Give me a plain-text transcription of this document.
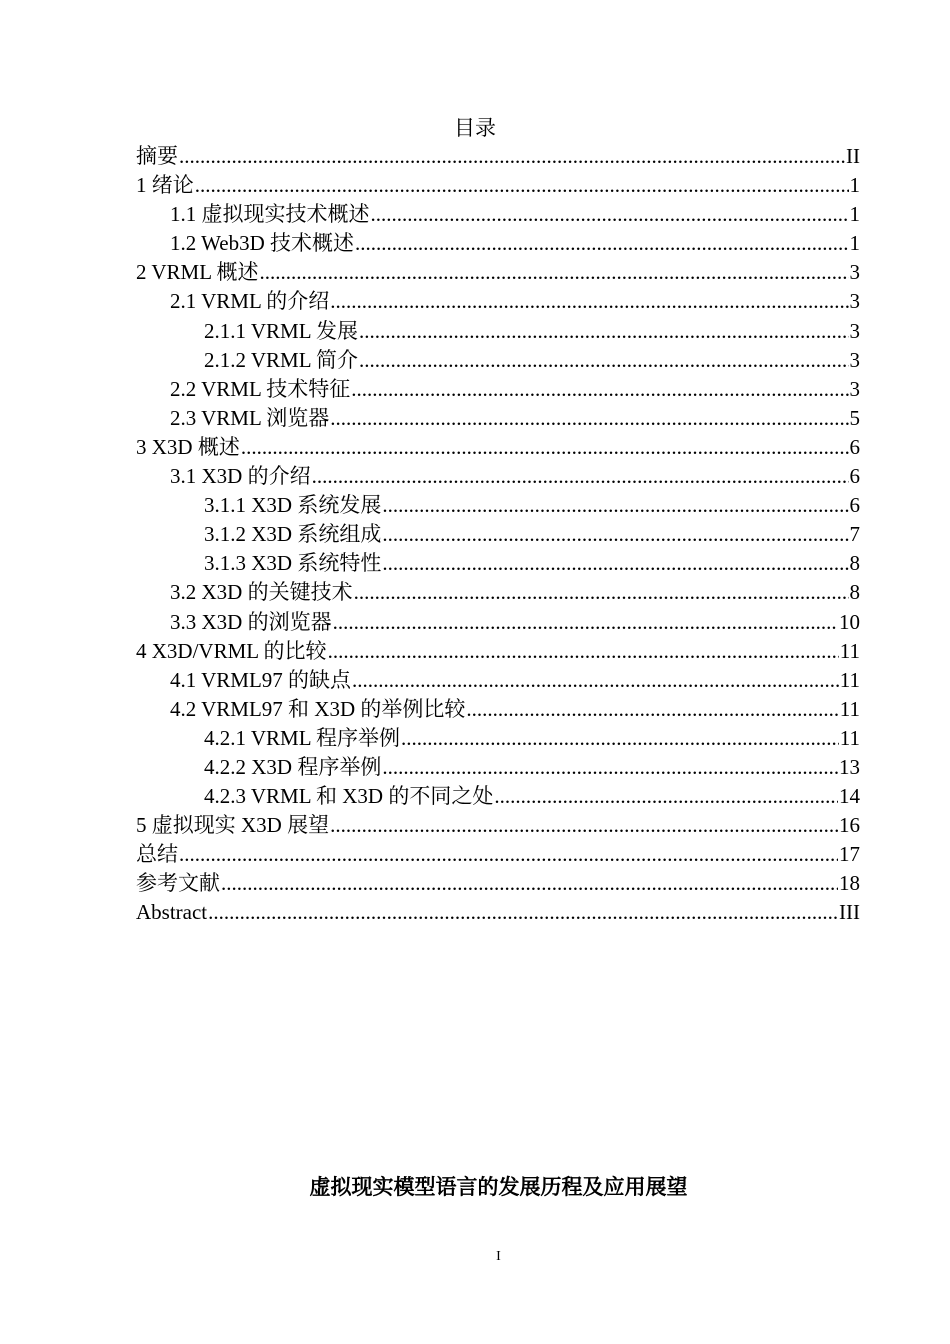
目录
摘要 .....	II
1 绪论 .....	1
1.1 虚拟现实技术概述 .....	1
1.2 Web3D 技术概述 .....	1
2 VRML 概述 .....	3
2.1 VRML 的介绍 .....	3
2.1.1 VRML 发展 .....	3
2.1.2 VRML 简介 .....	3
2.2 VRML 技术特征 .....	3
2.3 VRML 浏览器 .....	5
3 X3D 概述 .....	6
3.1 X3D 的介绍 .....	6
3.1.1 X3D 系统发展 .....	6
3.1.2 X3D 系统组成 .....	7
3.1.3 X3D 系统特性 .....	8
3.2 X3D 的关键技术 .....	8
3.3 X3D 的浏览器 .....	10
4 X3D/VRML 的比较 .....	11
4.1 VRML97 的缺点 .....	11
4.2 VRML97 和 X3D 的举例比较 .....	11
4.2.1 VRML 程序举例 .....	11
4.2.2 X3D 程序举例 .....	13
4.2.3 VRML 和 X3D 的不同之处 .....	14
5 虚拟现实 X3D 展望 .....	16
总结 .....	17
参考文献 .....	18
Abstract .....	III
虚拟现实模型语言的发展历程及应用展望
I
